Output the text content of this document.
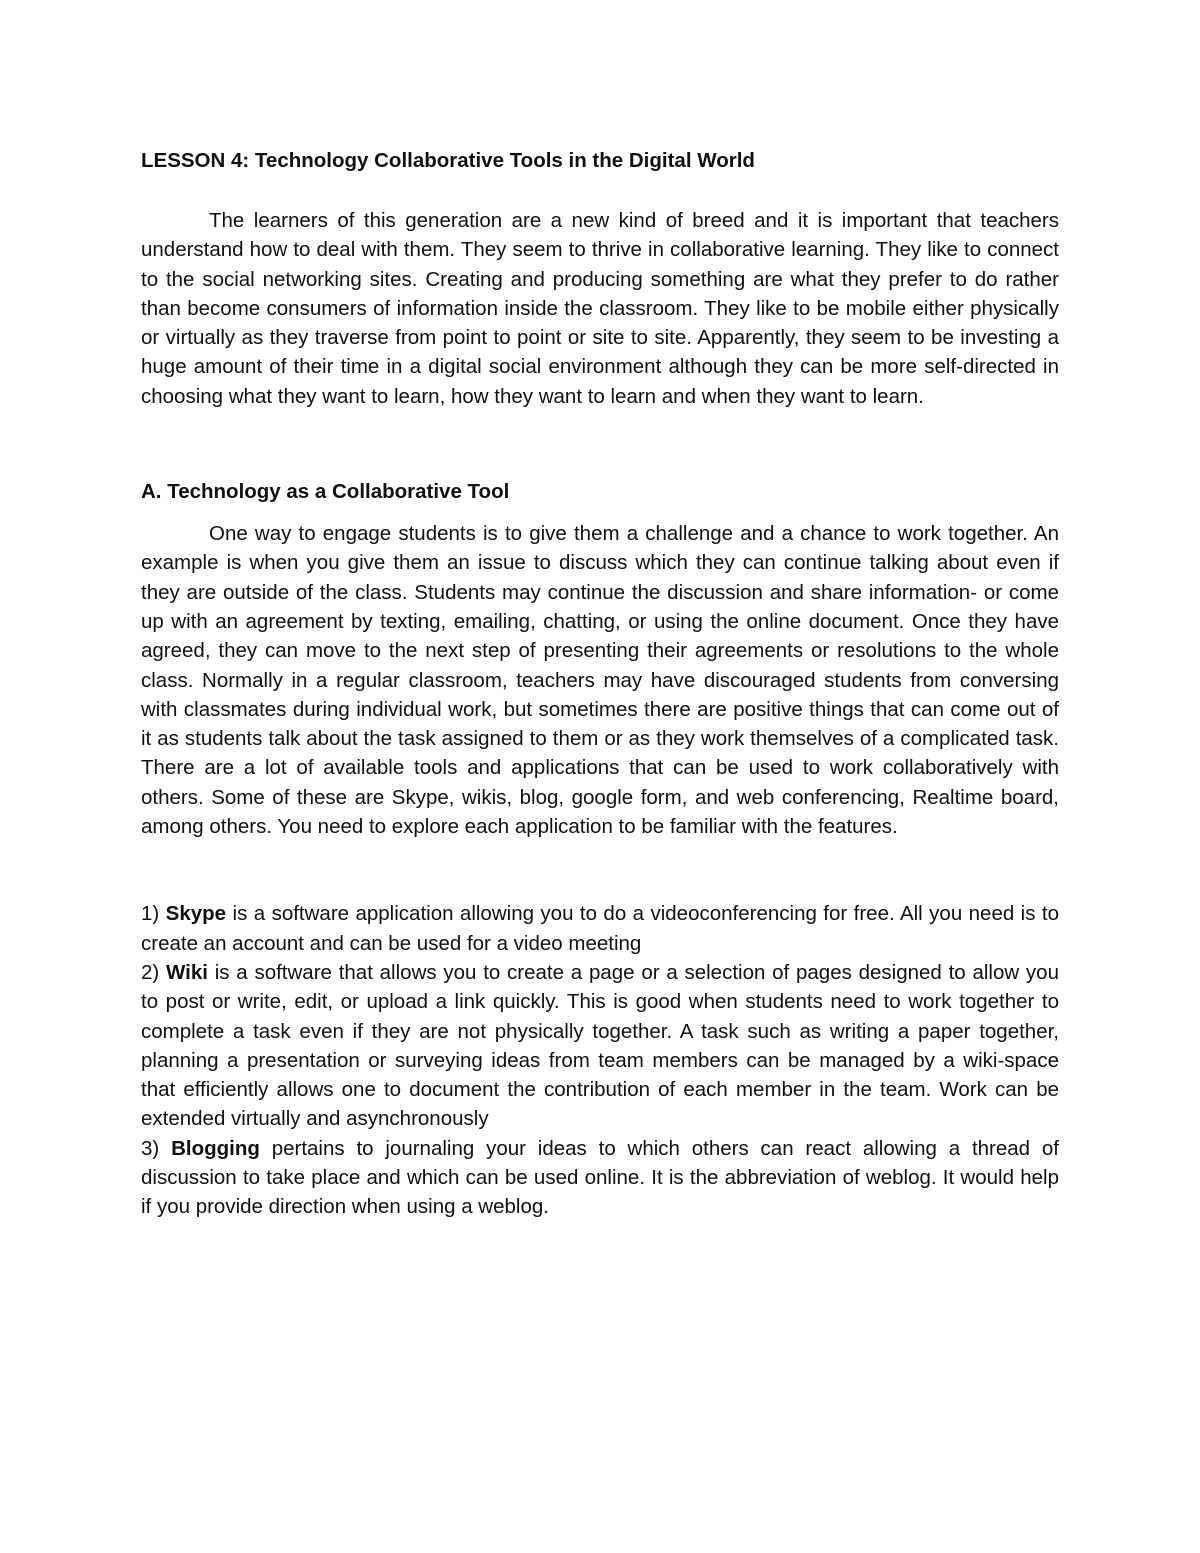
LESSON 4: Technology Collaborative Tools in the Digital World

The learners of this generation are a new kind of breed and it is important that teachers understand how to deal with them. They seem to thrive in collaborative learning. They like to connect to the social networking sites. Creating and producing something are what they prefer to do rather than become consumers of information inside the classroom. They like to be mobile either physically or virtually as they traverse from point to point or site to site. Apparently, they seem to be investing a huge amount of their time in a digital social environment although they can be more self-directed in choosing what they want to learn, how they want to learn and when they want to learn.

A. Technology as a Collaborative Tool

One way to engage students is to give them a challenge and a chance to work together. An example is when you give them an issue to discuss which they can continue talking about even if they are outside of the class. Students may continue the discussion and share information- or come up with an agreement by texting, emailing, chatting, or using the online document. Once they have agreed, they can move to the next step of presenting their agreements or resolutions to the whole class. Normally in a regular classroom, teachers may have discouraged students from conversing with classmates during individual work, but sometimes there are positive things that can come out of it as students talk about the task assigned to them or as they work themselves of a complicated task. There are a lot of available tools and applications that can be used to work collaboratively with others. Some of these are Skype, wikis, blog, google form, and web conferencing, Realtime board, among others. You need to explore each application to be familiar with the features.

1) Skype is a software application allowing you to do a videoconferencing for free. All you need is to create an account and can be used for a video meeting

2) Wiki is a software that allows you to create a page or a selection of pages designed to allow you to post or write, edit, or upload a link quickly. This is good when students need to work together to complete a task even if they are not physically together. A task such as writing a paper together, planning a presentation or surveying ideas from team members can be managed by a wiki-space that efficiently allows one to document the contribution of each member in the team. Work can be extended virtually and asynchronously

3) Blogging pertains to journaling your ideas to which others can react allowing a thread of discussion to take place and which can be used online. It is the abbreviation of weblog. It would help if you provide direction when using a weblog.
